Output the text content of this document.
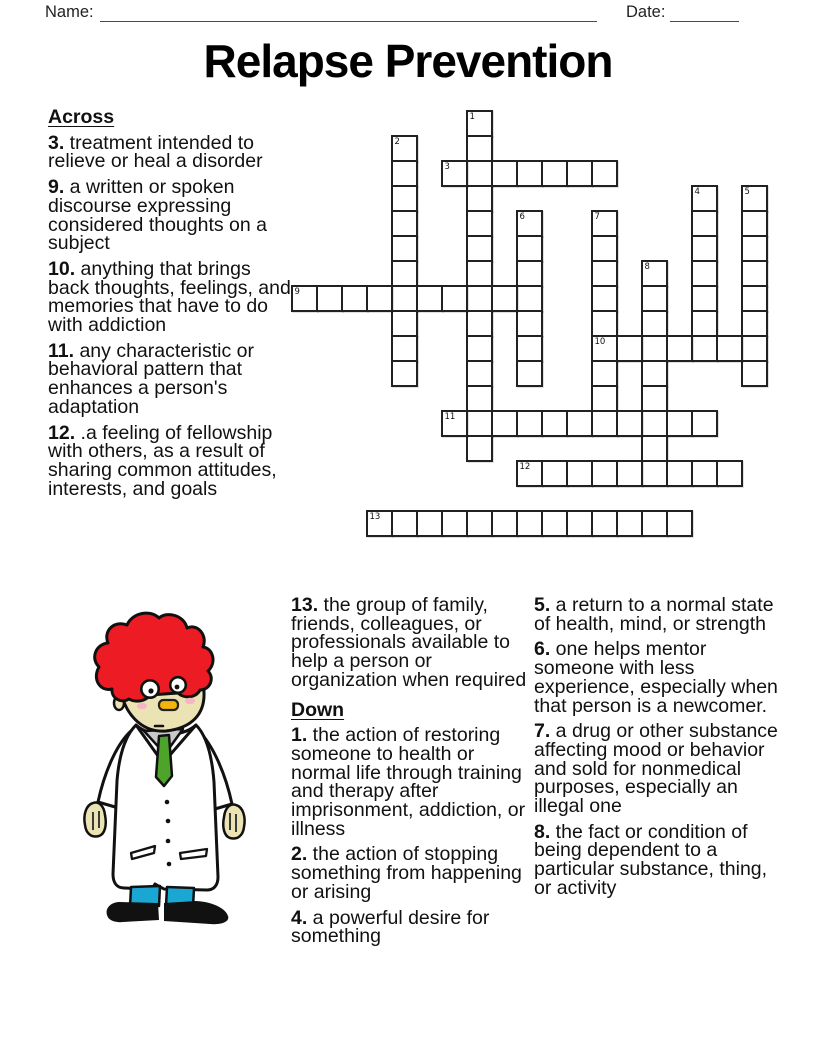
Name:	Date:
Relapse Prevention
Across
3. treatment intended to relieve or heal a disorder
9. a written or spoken discourse expressing considered thoughts on a subject
10. anything that brings back thoughts, feelings, and memories that have to do with addiction
11. any characteristic or behavioral pattern that enhances a person's adaptation
12. .a feeling of fellowship with others, as a result of sharing common attitudes, interests, and goals
1
2
3
4	5
6	7
10
8
9
11
12
13
13. the group of family, friends, colleagues, or professionals available to help a person or organization when required
Down
1. the action of restoring someone to health or normal life through training and therapy after imprisonment, addiction, or illness
2. the action of stopping something from happening or arising
4. a powerful desire for something
5. a return to a normal state of health, mind, or strength
6. one helps mentor someone with less experience, especially when that person is a newcomer.
7. a drug or other substance affecting mood or behavior and sold for nonmedical purposes, especially an illegal one
8. the fact or condition of being dependent to a particular substance, thing, or activity
